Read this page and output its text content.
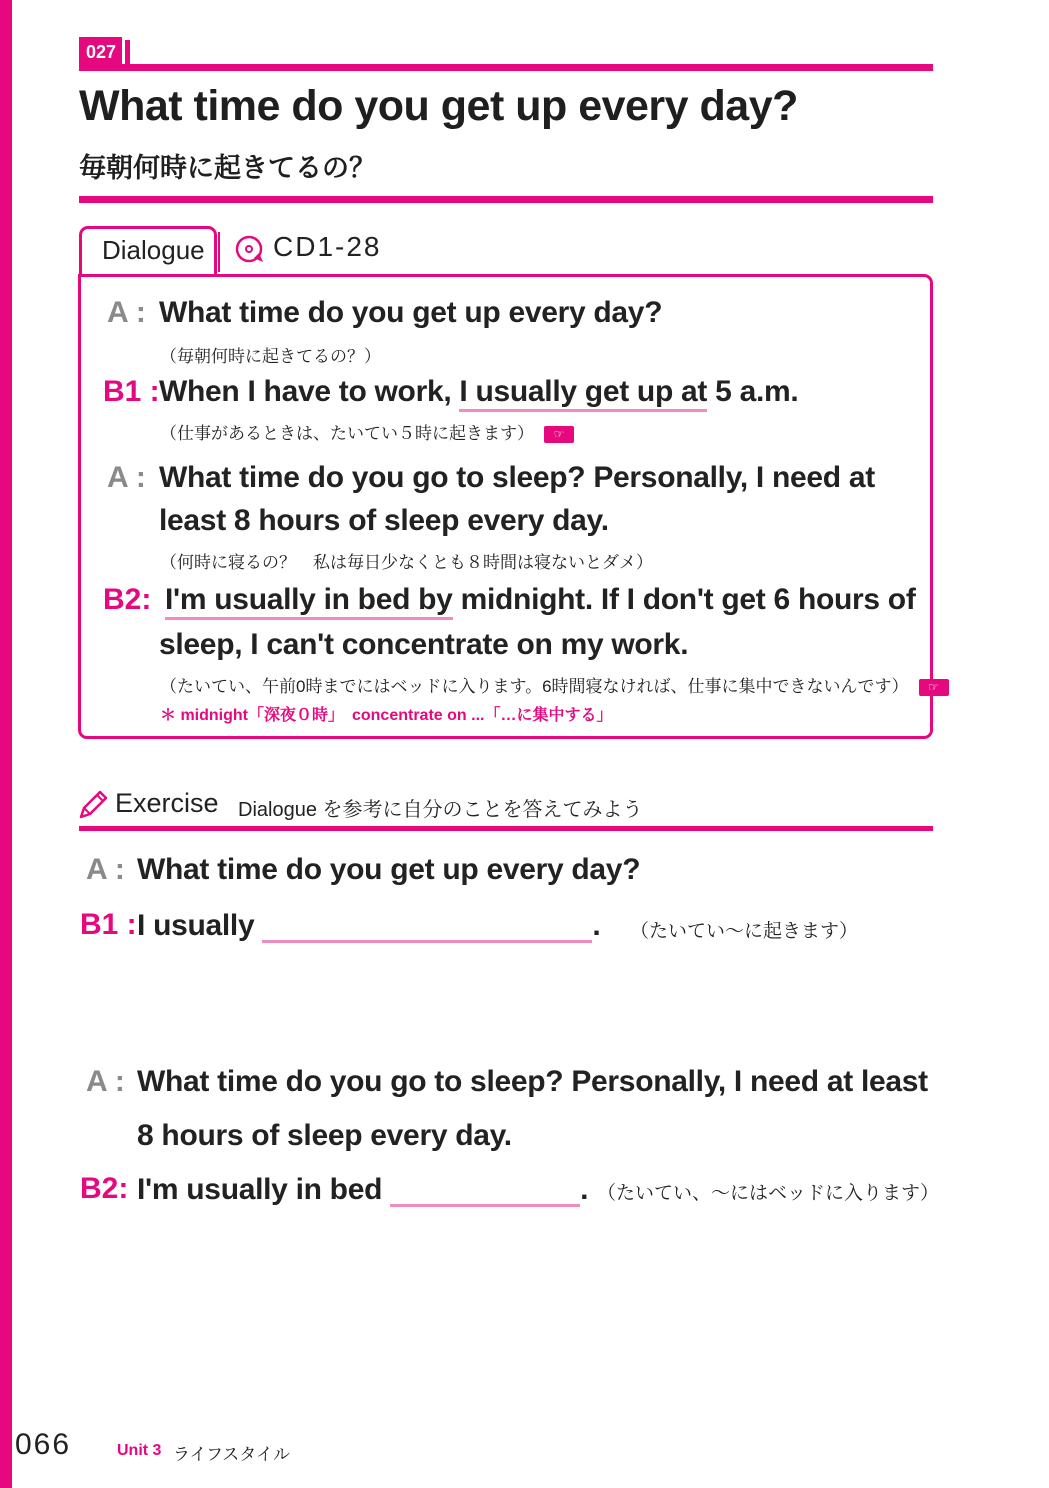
027
What time do you get up every day?
毎朝何時に起きてるの？
Dialogue CD1-28
A : What time do you get up every day?
（毎朝何時に起きてるの？）
B1 : When I have to work, I usually get up at 5 a.m.
（仕事があるときは、たいてい５時に起きます） ☞
A : What time do you go to sleep? Personally, I need at
least 8 hours of sleep every day.
（何時に寝るの？　私は毎日少なくとも８時間は寝ないとダメ）
B2: I'm usually in bed by midnight. If I don't get 6 hours of
sleep, I can't concentrate on my work.
（たいてい、午前0時までにはベッドに入ります。6時間寝なければ、仕事に集中できないんです） ☞
＊ midnight「深夜０時」　concentrate on ...「…に集中する」
Exercise Dialogue を参考に自分のことを答えてみよう
A : What time do you get up every day?
B1 : I usually	. （たいてい〜に起きます）
A : What time do you go to sleep? Personally, I need at least
8 hours of sleep every day.
B2: I'm usually in bed	. （たいてい、〜にはベッドに入ります）
066	Unit 3 ライフスタイル
